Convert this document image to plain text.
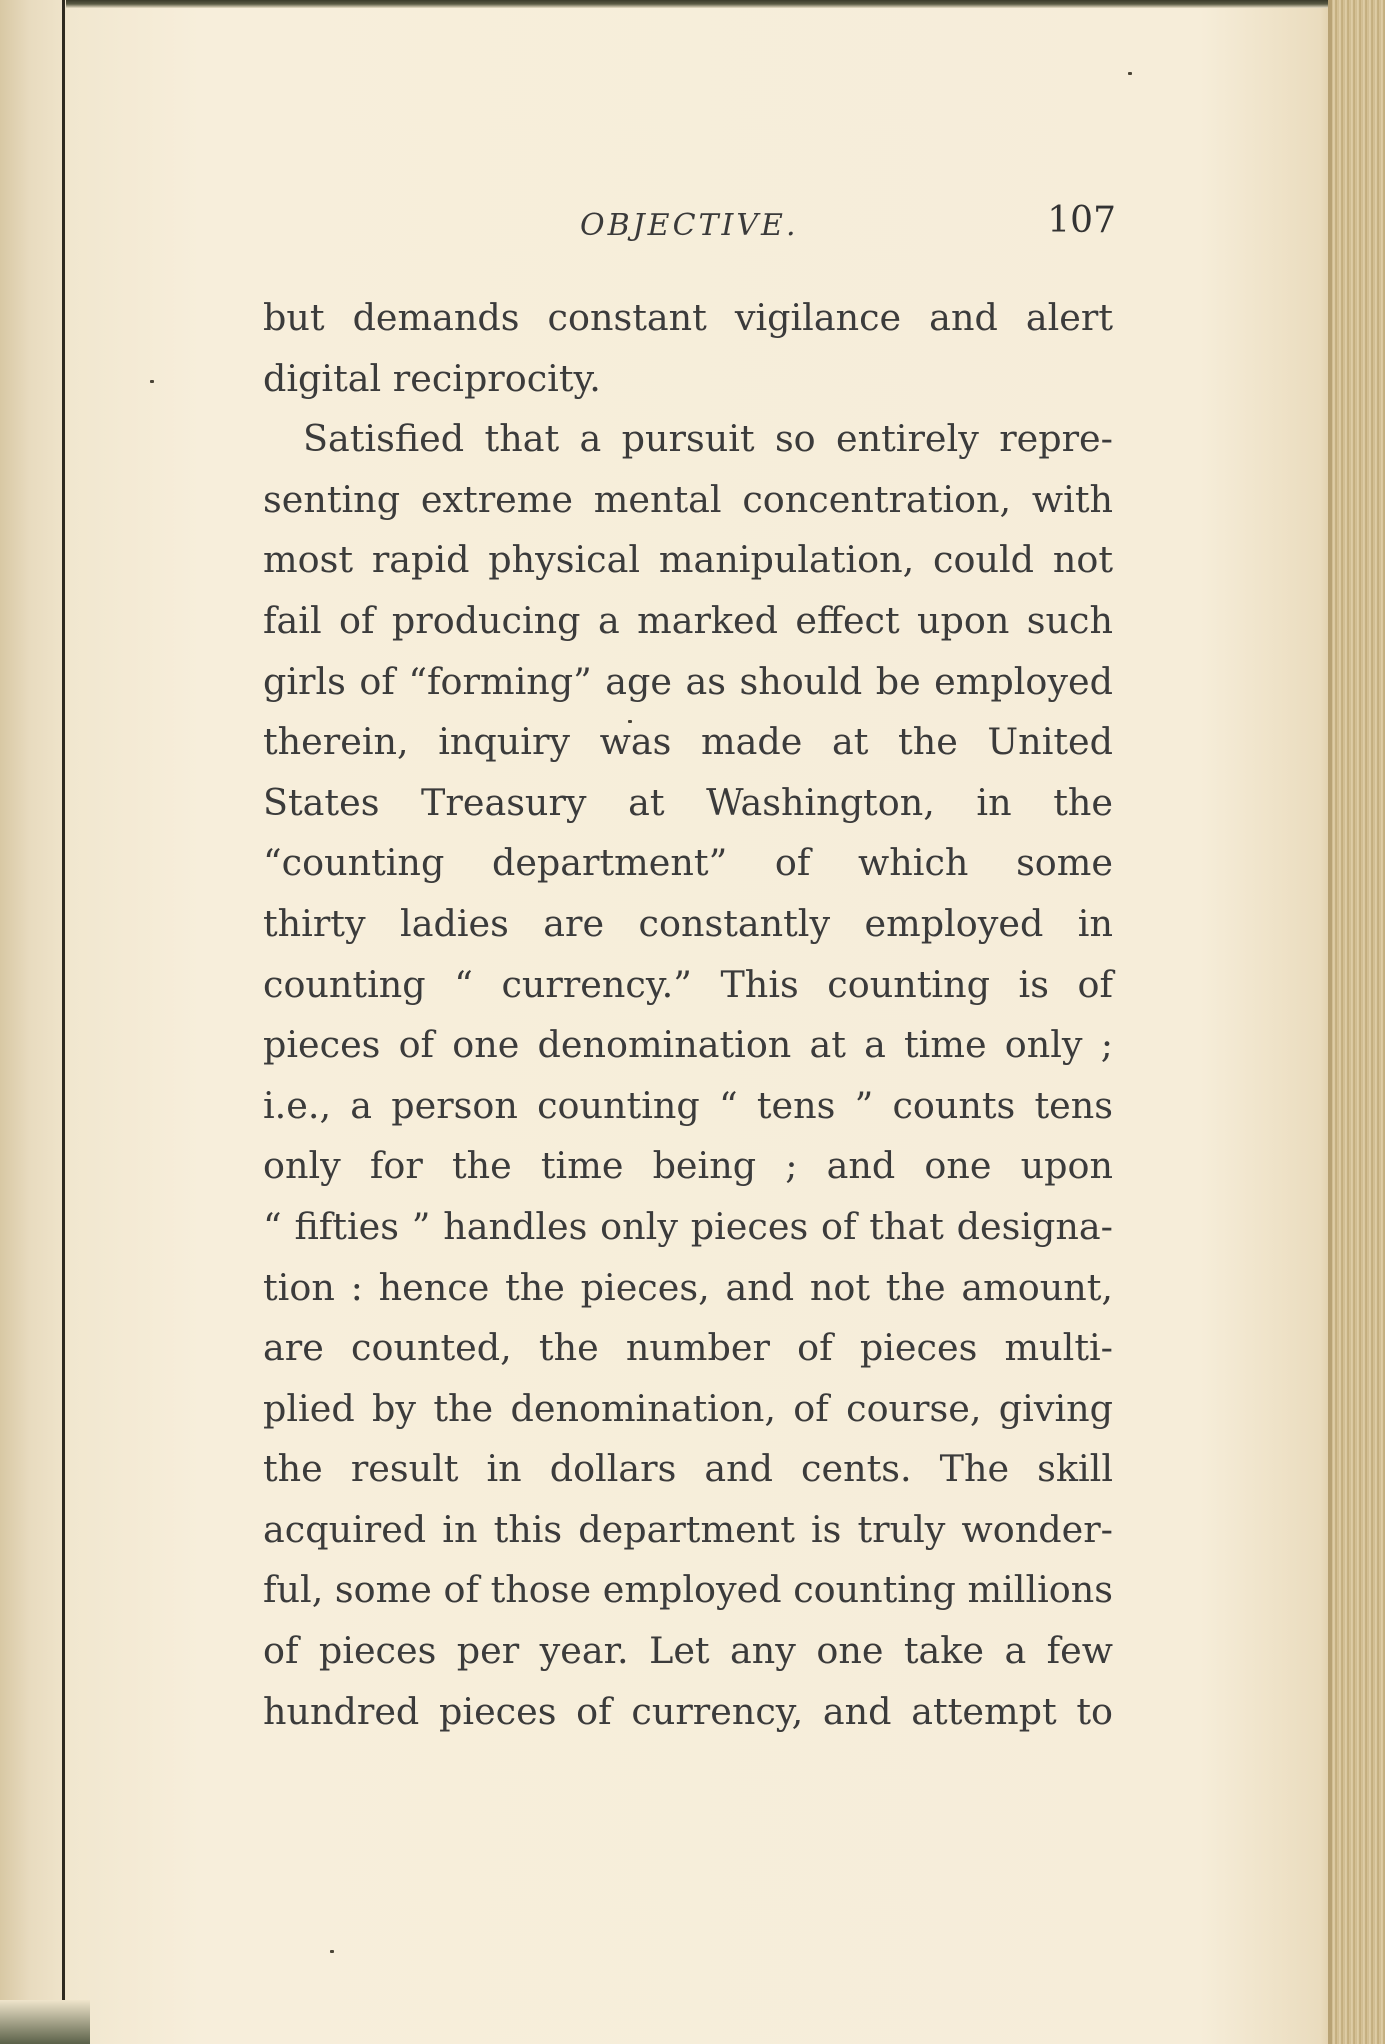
OBJECTIVE.	107
but demands constant vigilance and alert
digital reciprocity.
Satisfied that a pursuit so entirely repre-
senting extreme mental concentration, with
most rapid physical manipulation, could not
fail of producing a marked effect upon such
girls of “forming” age as should be employed
therein, inquiry was made at the United
States Treasury at Washington, in the
“counting department” of which some
thirty ladies are constantly employed in
counting “ currency.” This counting is of
pieces of one denomination at a time only ;
i.e., a person counting “ tens ” counts tens
only for the time being ; and one upon
“ fifties ” handles only pieces of that designa-
tion : hence the pieces, and not the amount,
are counted, the number of pieces multi-
plied by the denomination, of course, giving
the result in dollars and cents. The skill
acquired in this department is truly wonder-
ful, some of those employed counting millions
of pieces per year. Let any one take a few
hundred pieces of currency, and attempt to
